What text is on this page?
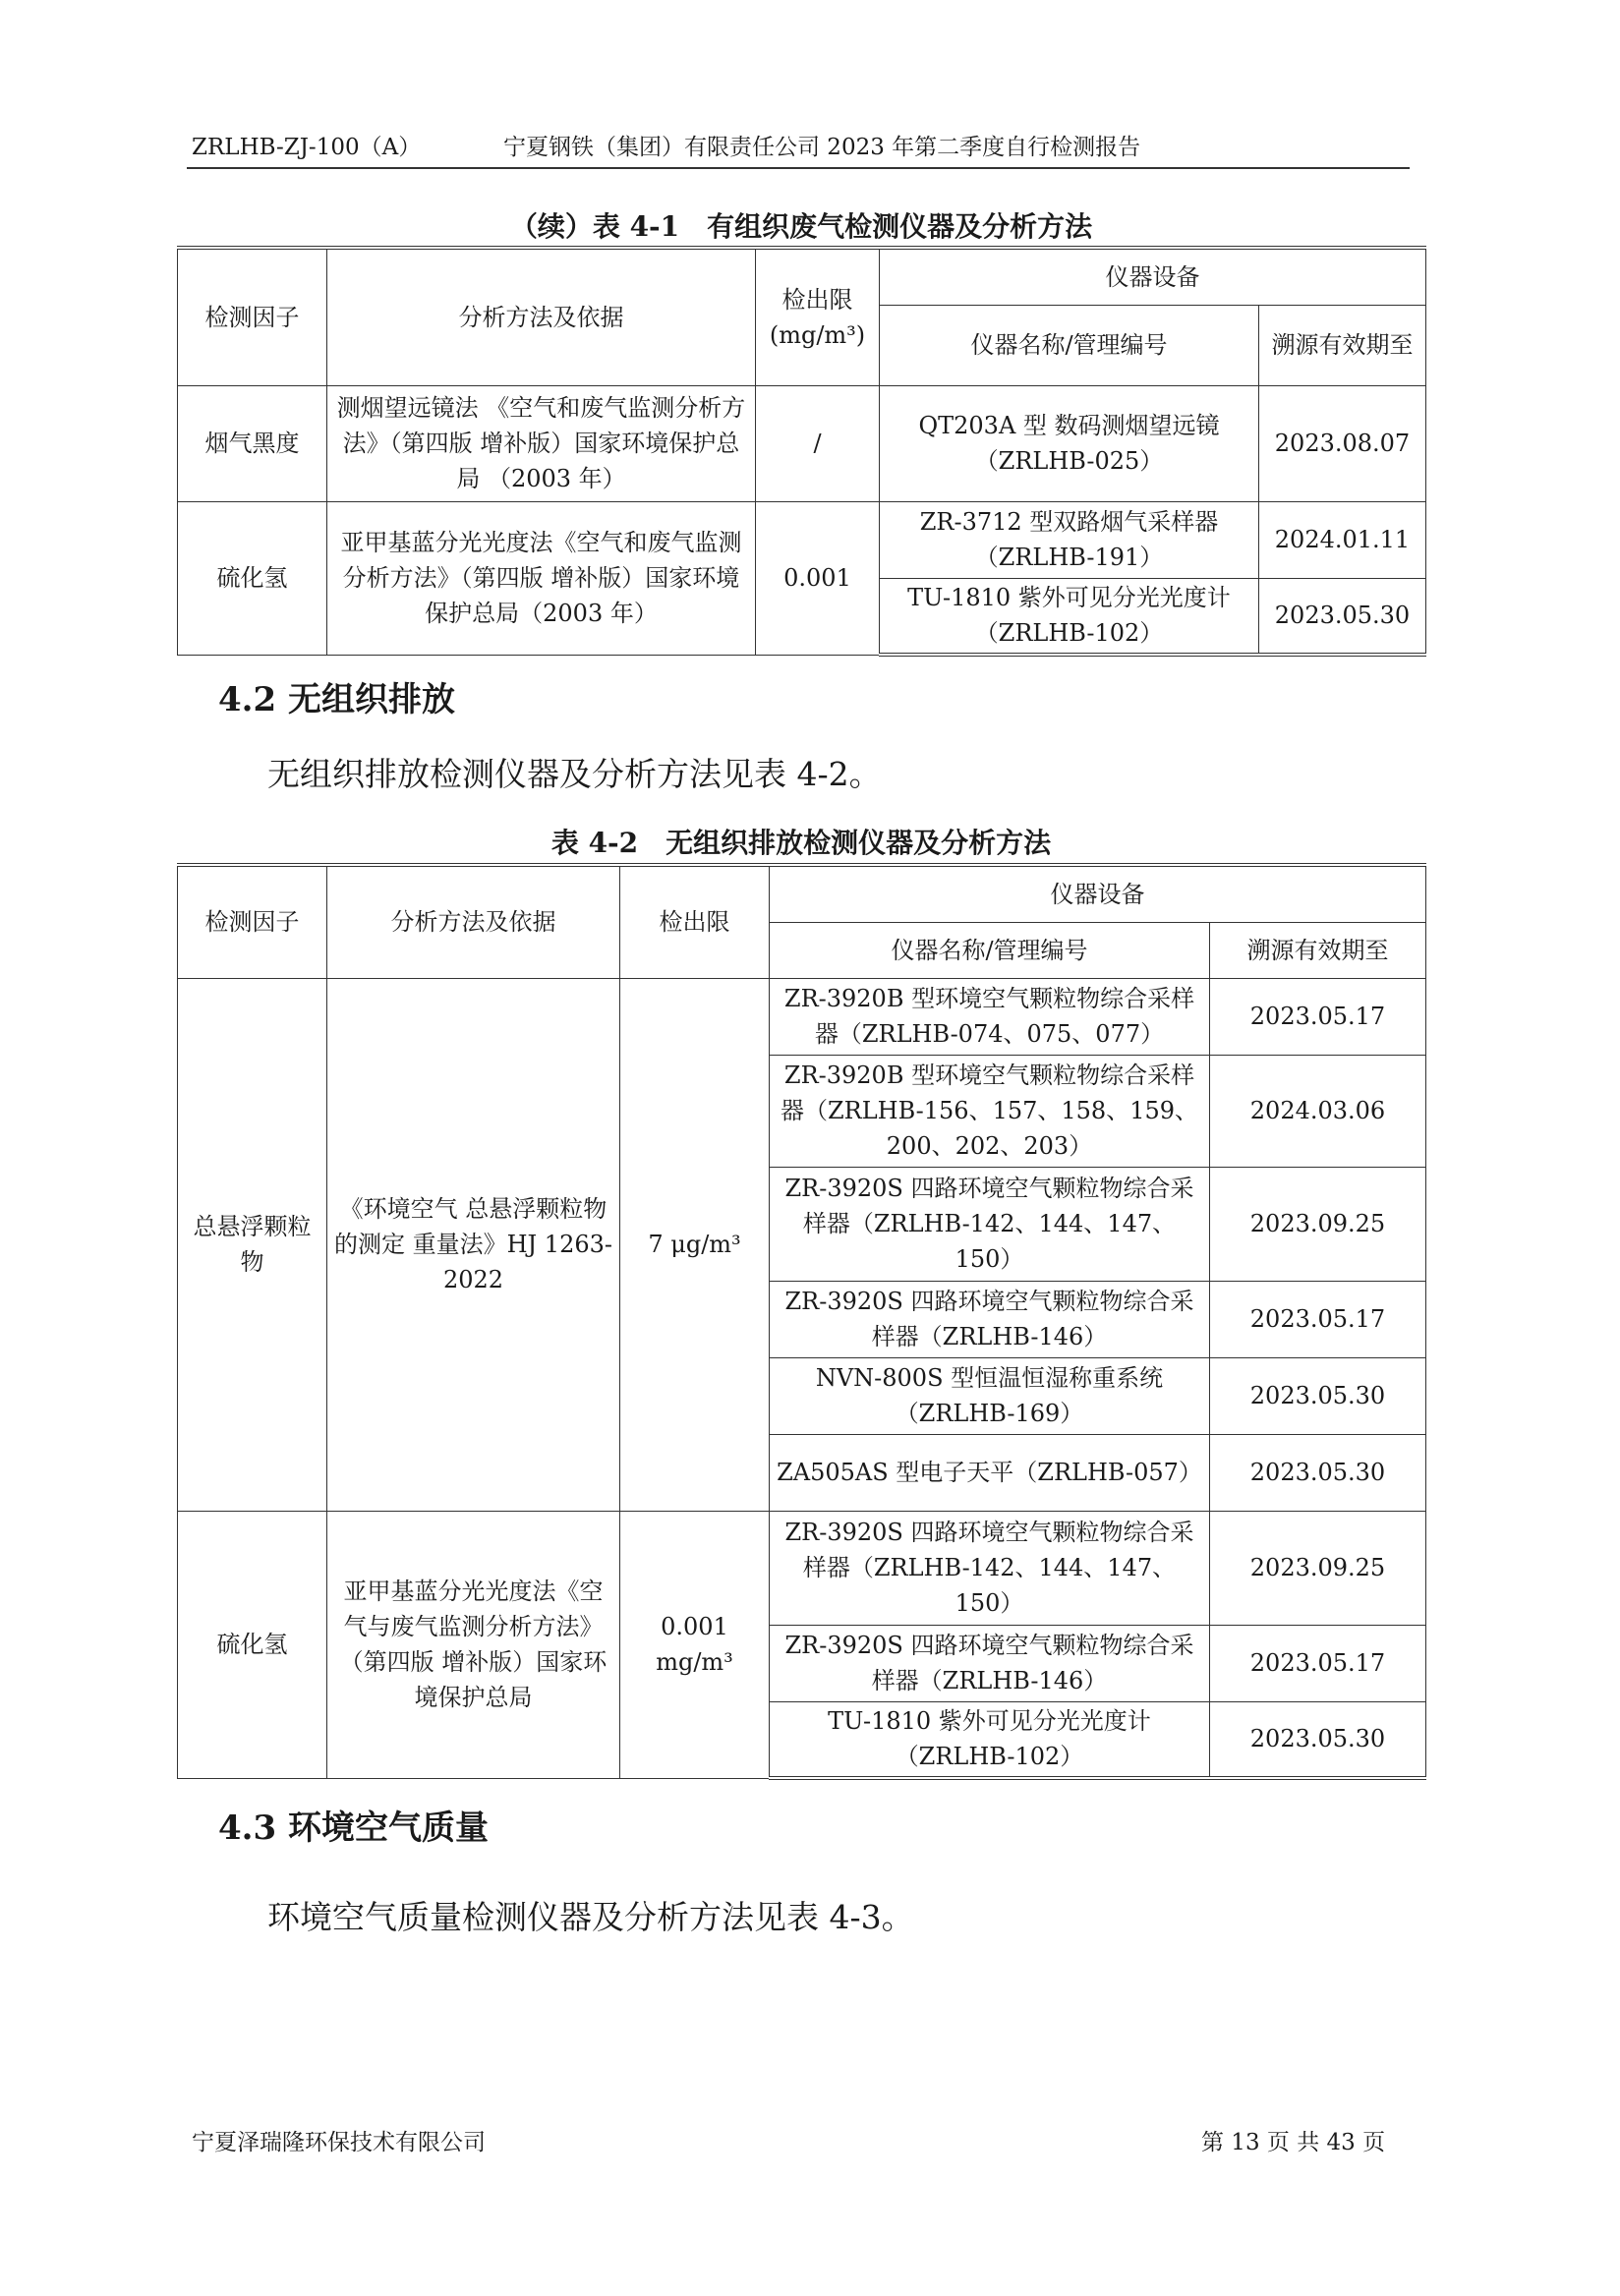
ZRLHB-ZJ-100（A）	宁夏钢铁（集团）有限责任公司 2023 年第二季度自行检测报告
（续）表 4-1　有组织废气检测仪器及分析方法
检测因子	分析方法及依据	检出限 (mg/m³)	仪器设备	
			仪器名称/管理编号	溯源有效期至
烟气黑度	测烟望远镜法 《空气和废气监测分析方法》（第四版 增补版）国家环境保护总局 （2003 年）	/	QT203A 型 数码测烟望远镜（ZRLHB-025）	2023.08.07
硫化氢	亚甲基蓝分光光度法《空气和废气监测分析方法》（第四版 增补版）国家环境保护总局（2003 年）	0.001	ZR-3712 型双路烟气采样器（ZRLHB-191）	2024.01.11
			TU-1810 紫外可见分光光度计（ZRLHB-102）	2023.05.30
4.2 无组织排放
无组织排放检测仪器及分析方法见表 4-2。
表 4-2　无组织排放检测仪器及分析方法
检测因子	分析方法及依据	检出限	仪器设备	
			仪器名称/管理编号	溯源有效期至
总悬浮颗粒物	《环境空气 总悬浮颗粒物的测定 重量法》HJ 1263-2022	7 μg/m³	ZR-3920B 型环境空气颗粒物综合采样器（ZRLHB-074、075、077）	2023.05.17
			ZR-3920B 型环境空气颗粒物综合采样器（ZRLHB-156、157、158、159、200、202、203）	2024.03.06
			ZR-3920S 四路环境空气颗粒物综合采样器（ZRLHB-142、144、147、150）	2023.09.25
			ZR-3920S 四路环境空气颗粒物综合采样器（ZRLHB-146）	2023.05.17
			NVN-800S 型恒温恒湿称重系统（ZRLHB-169）	2023.05.30
			ZA505AS 型电子天平（ZRLHB-057）	2023.05.30
硫化氢	亚甲基蓝分光光度法《空气与废气监测分析方法》（第四版 增补版）国家环境保护总局	0.001 mg/m³	ZR-3920S 四路环境空气颗粒物综合采样器（ZRLHB-142、144、147、150）	2023.09.25
			ZR-3920S 四路环境空气颗粒物综合采样器（ZRLHB-146）	2023.05.17
			TU-1810 紫外可见分光光度计（ZRLHB-102）	2023.05.30
4.3 环境空气质量
环境空气质量检测仪器及分析方法见表 4-3。
宁夏泽瑞隆环保技术有限公司	第 13 页 共 43 页
